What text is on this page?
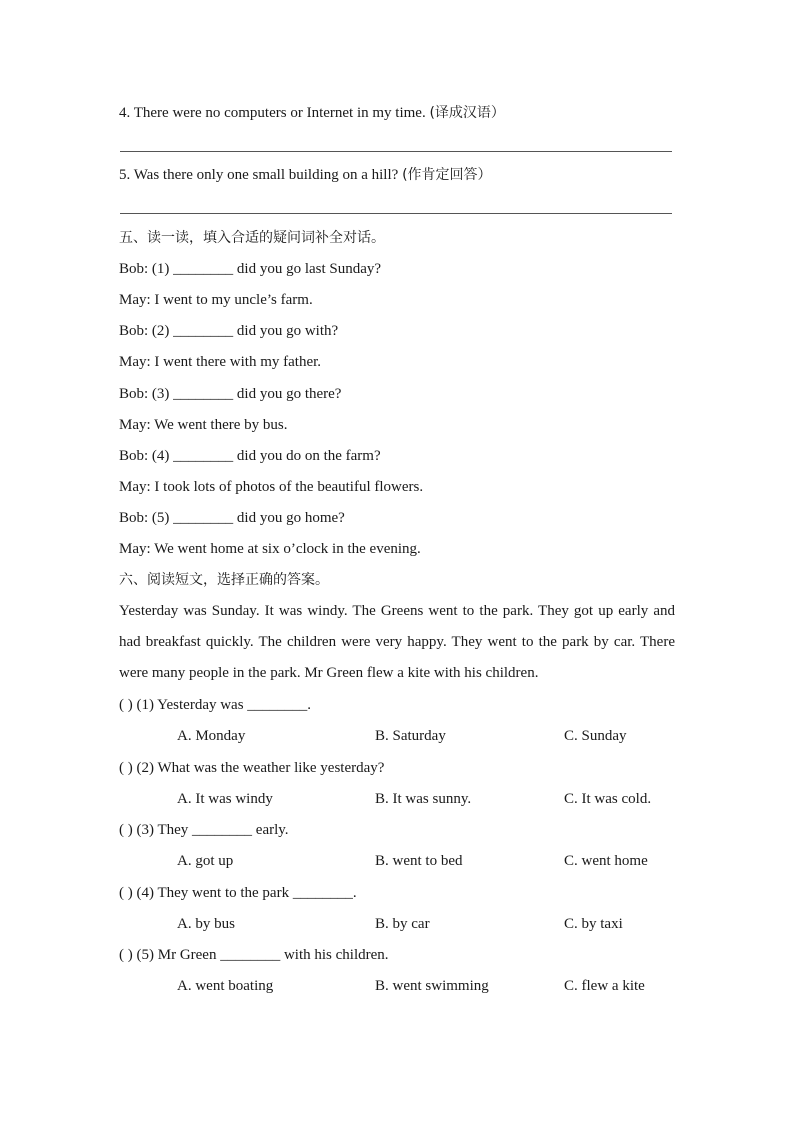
4. There were no computers or Internet in my time. (译成汉语）
5. Was there only one small building on a hill? (作肯定回答）
五、读一读，填入合适的疑问词补全对话。
Bob: (1) ________ did you go last Sunday?
May: I went to my uncle’s farm.
Bob: (2) ________ did you go with?
May: I went there with my father.
Bob: (3) ________ did you go there?
May: We went there by bus.
Bob: (4) ________ did you do on the farm?
May: I took lots of photos of the beautiful flowers.
Bob: (5) ________ did you go home?
May: We went home at six o’clock in the evening.
六、阅读短文，选择正确的答案。
Yesterday was Sunday. It was windy. The Greens went to the park. They got up early and had breakfast quickly. The children were very happy. They went to the park by car. There were many people in the park. Mr Green flew a kite with his children.
( ) (1) Yesterday was ________.
A. Monday	B. Saturday	C. Sunday
( ) (2) What was the weather like yesterday?
A. It was windy	B. It was sunny.	C. It was cold.
( ) (3) They ________ early.
A. got up	B. went to bed	C. went home
( ) (4) They went to the park ________.
A. by bus	B. by car	C. by taxi
( ) (5) Mr Green ________ with his children.
A. went boating	B. went swimming	C. flew a kite
